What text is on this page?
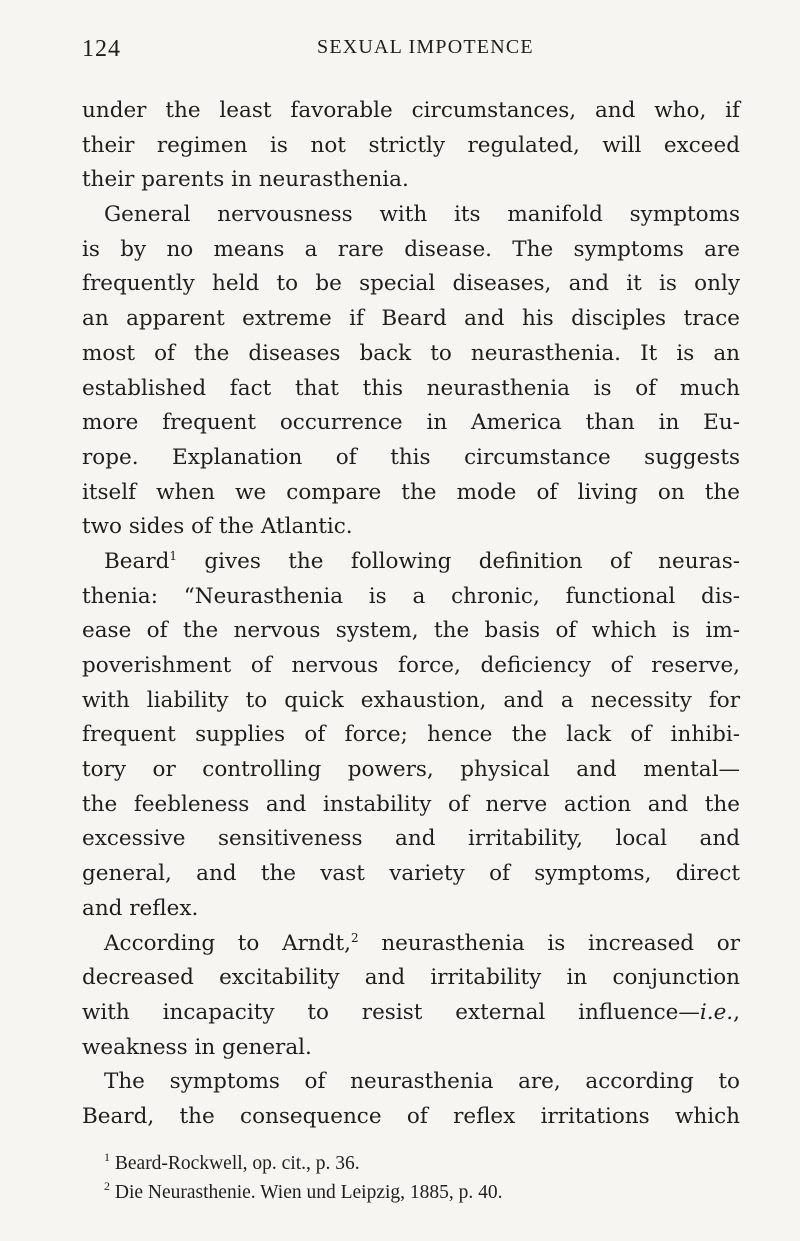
124	SEXUAL IMPOTENCE
under the least favorable circumstances, and who, if
their regimen is not strictly regulated, will exceed
their parents in neurasthenia.
General nervousness with its manifold symptoms
is by no means a rare disease. The symptoms are
frequently held to be special diseases, and it is only
an apparent extreme if Beard and his disciples trace
most of the diseases back to neurasthenia. It is an
established fact that this neurasthenia is of much
more frequent occurrence in America than in Eu-
rope. Explanation of this circumstance suggests
itself when we compare the mode of living on the
two sides of the Atlantic.
Beard$^1$ gives the following definition of neuras-
thenia: “Neurasthenia is a chronic, functional dis-
ease of the nervous system, the basis of which is im-
poverishment of nervous force, deficiency of reserve,
with liability to quick exhaustion, and a necessity for
frequent supplies of force; hence the lack of inhibi-
tory or controlling powers, physical and mental—
the feebleness and instability of nerve action and the
excessive sensitiveness and irritability, local and
general, and the vast variety of symptoms, direct
and reflex.
According to Arndt,$^2$ neurasthenia is increased or
decreased excitability and irritability in conjunction
with incapacity to resist external influence—i.e.,
weakness in general.
The symptoms of neurasthenia are, according to
Beard, the consequence of reflex irritations which
$^1$ Beard-Rockwell, op. cit., p. 36.
$^2$ Die Neurasthenie. Wien und Leipzig, 1885, p. 40.
